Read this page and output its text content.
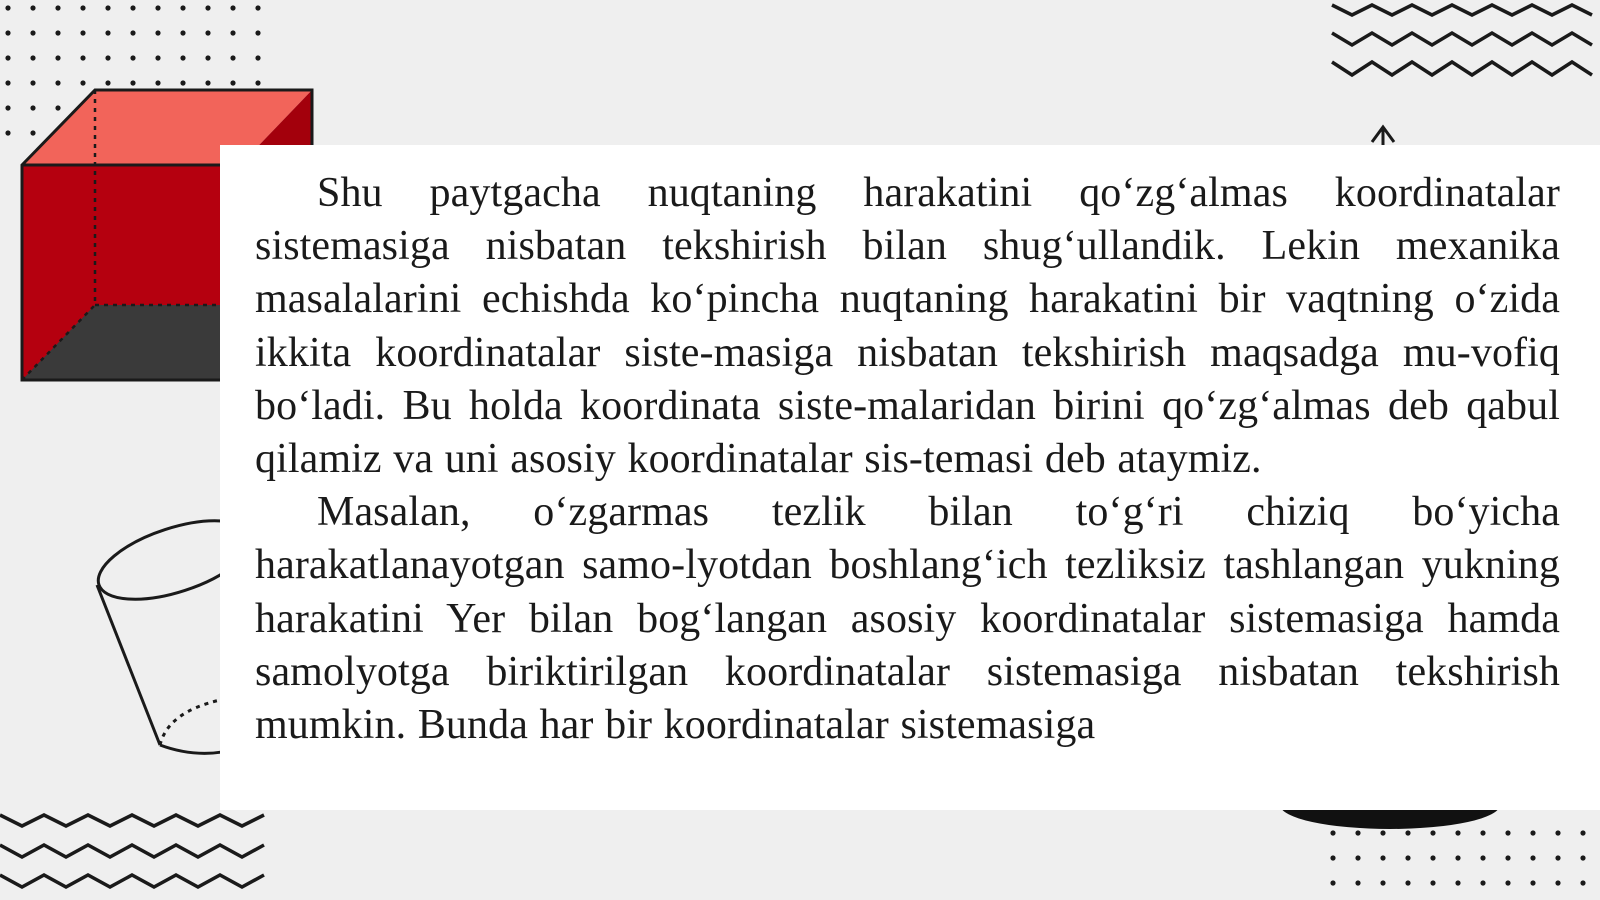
Shu paytgacha nuqtaning harakatini qo‘zg‘almas koordinatalar sistemasiga nisbatan tekshirish bilan shug‘ullandik. Lekin mexanika masalalarini echishda ko‘pincha nuqtaning harakatini bir vaqtning o‘zida ikkita koordinatalar siste-masiga nisbatan tekshirish maqsadga mu-vofiq bo‘ladi. Bu holda koordinata siste-malaridan birini qo‘zg‘almas deb qabul qilamiz va uni asosiy koordinatalar sis-temasi deb ataymiz.

Masalan, o‘zgarmas tezlik bilan to‘g‘ri chiziq bo‘yicha harakatlanayotgan samo-lyotdan boshlang‘ich tezliksiz tashlangan yukning harakatini Yer bilan bog‘langan asosiy koordinatalar sistemasiga hamda samolyotga biriktirilgan koordinatalar sistemasiga nisbatan tekshirish mumkin. Bunda har bir koordinatalar sistemasiga
